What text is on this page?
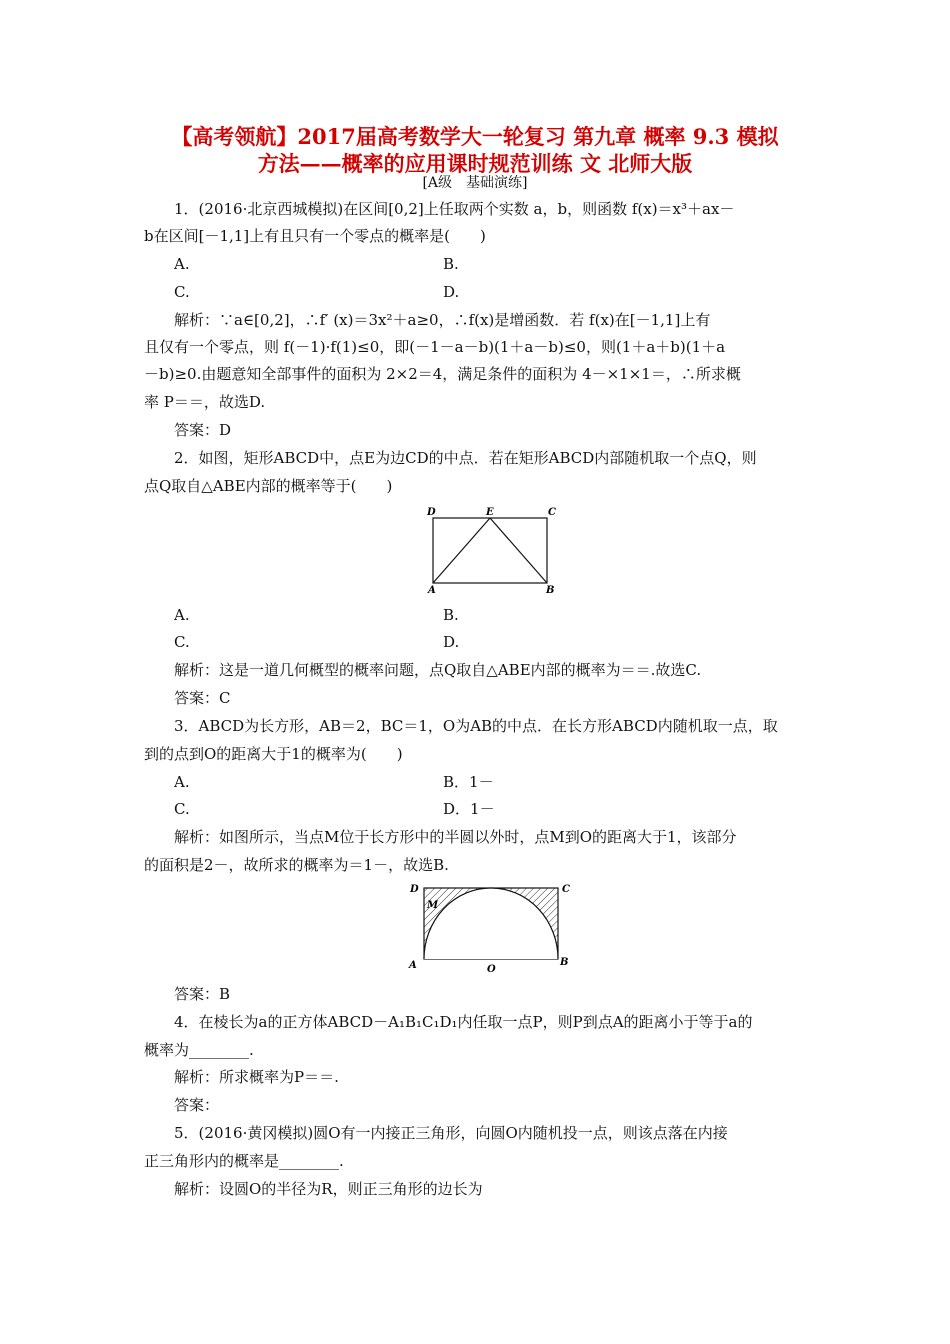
【高考领航】2017届高考数学大一轮复习 第九章 概率 9.3 模拟
方法——概率的应用课时规范训练 文 北师大版
[A级　基础演练]
1．(2016·北京西城模拟)在区间[0,2]上任取两个实数 a，b，则函数 f(x)＝x³＋ax－
b在区间[－1,1]上有且只有一个零点的概率是(　　)
A.	B.
C.	D.
解析：∵a∈[0,2]，∴f′ (x)＝3x²＋a≥0，∴f(x)是增函数．若 f(x)在[－1,1]上有
且仅有一个零点，则 f(－1)·f(1)≤0，即(－1－a－b)(1＋a－b)≤0，则(1＋a＋b)(1＋a
－b)≥0.由题意知全部事件的面积为 2×2＝4，满足条件的面积为 4－×1×1＝，∴所求概
率 P＝＝，故选D.
答案：D
2．如图，矩形ABCD中，点E为边CD的中点．若在矩形ABCD内部随机取一个点Q，则
点Q取自△ABE内部的概率等于(　　)
D	E	C
A	B
A.	B.
C.	D.
解析：这是一道几何概型的概率问题，点Q取自△ABE内部的概率为＝＝.故选C.
答案：C
3．ABCD为长方形，AB＝2，BC＝1，O为AB的中点．在长方形ABCD内随机取一点，取
到的点到O的距离大于1的概率为(　　)
A.	B．1－
C.	D．1－
解析：如图所示，当点M位于长方形中的半圆以外时，点M到O的距离大于1，该部分
的面积是2－，故所求的概率为＝1－，故选B.
D	C
M
A	O
B
答案：B
4．在棱长为a的正方体ABCD－A₁B₁C₁D₁内任取一点P，则P到点A的距离小于等于a的
概率为________.
解析：所求概率为P＝＝.
答案：
5．(2016·黄冈模拟)圆O有一内接正三角形，向圆O内随机投一点，则该点落在内接
正三角形内的概率是________.
解析：设圆O的半径为R，则正三角形的边长为
